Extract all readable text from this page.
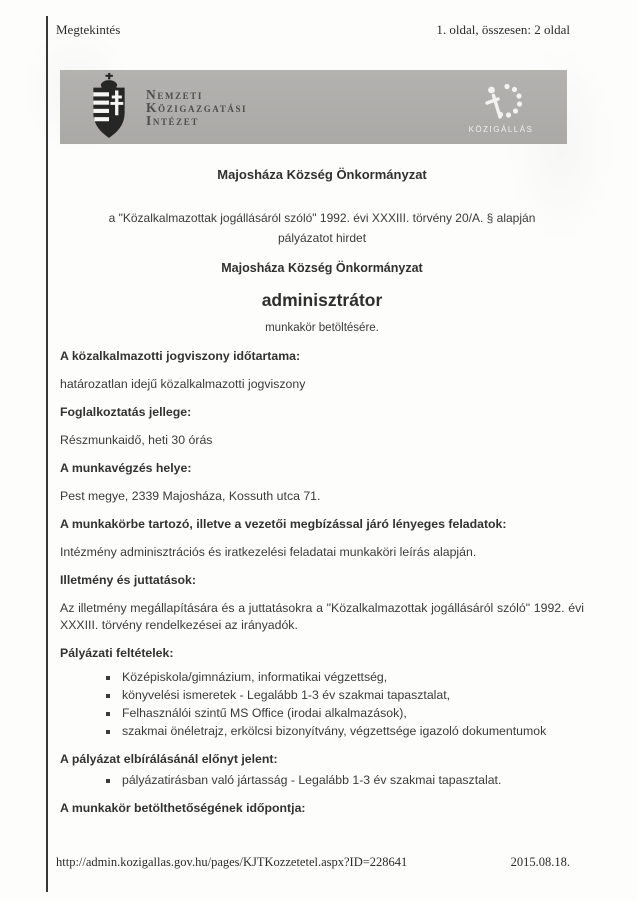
Megtekintés	1. oldal, összesen: 2 oldal
Nemzeti
Közigazgatási
Intézet
KÖZIGÁLLÁS
Majosháza Község Önkormányzat
a "Közalkalmazottak jogállásáról szóló" 1992. évi XXXIII. törvény 20/A. § alapján
pályázatot hirdet
Majosháza Község Önkormányzat
adminisztrátor
munkakör betöltésére.
A közalkalmazotti jogviszony időtartama:
határozatlan idejű közalkalmazotti jogviszony
Foglalkoztatás jellege:
Részmunkaidő, heti 30 órás
A munkavégzés helye:
Pest megye, 2339 Majosháza, Kossuth utca 71.
A munkakörbe tartozó, illetve a vezetői megbízással járó lényeges feladatok:
Intézmény adminisztrációs és iratkezelési feladatai munkaköri leírás alapján.
Illetmény és juttatások:
Az illetmény megállapítására és a juttatásokra a "Közalkalmazottak jogállásáról szóló" 1992. évi XXXIII. törvény rendelkezései az irányadók.
Pályázati feltételek:
▪ Középiskola/gimnázium, informatikai végzettség,
▪ könyvelési ismeretek - Legalább 1-3 év szakmai tapasztalat,
▪ Felhasználói szintű MS Office (irodai alkalmazások),
▪ szakmai önéletrajz, erkölcsi bizonyítvány, végzettsége igazoló dokumentumok
A pályázat elbírálásánál előnyt jelent:
▪ pályázatirásban való jártasság - Legalább 1-3 év szakmai tapasztalat.
A munkakör betölthetőségének időpontja:
http://admin.kozigallas.gov.hu/pages/KJTKozzetetel.aspx?ID=228641	2015.08.18.
